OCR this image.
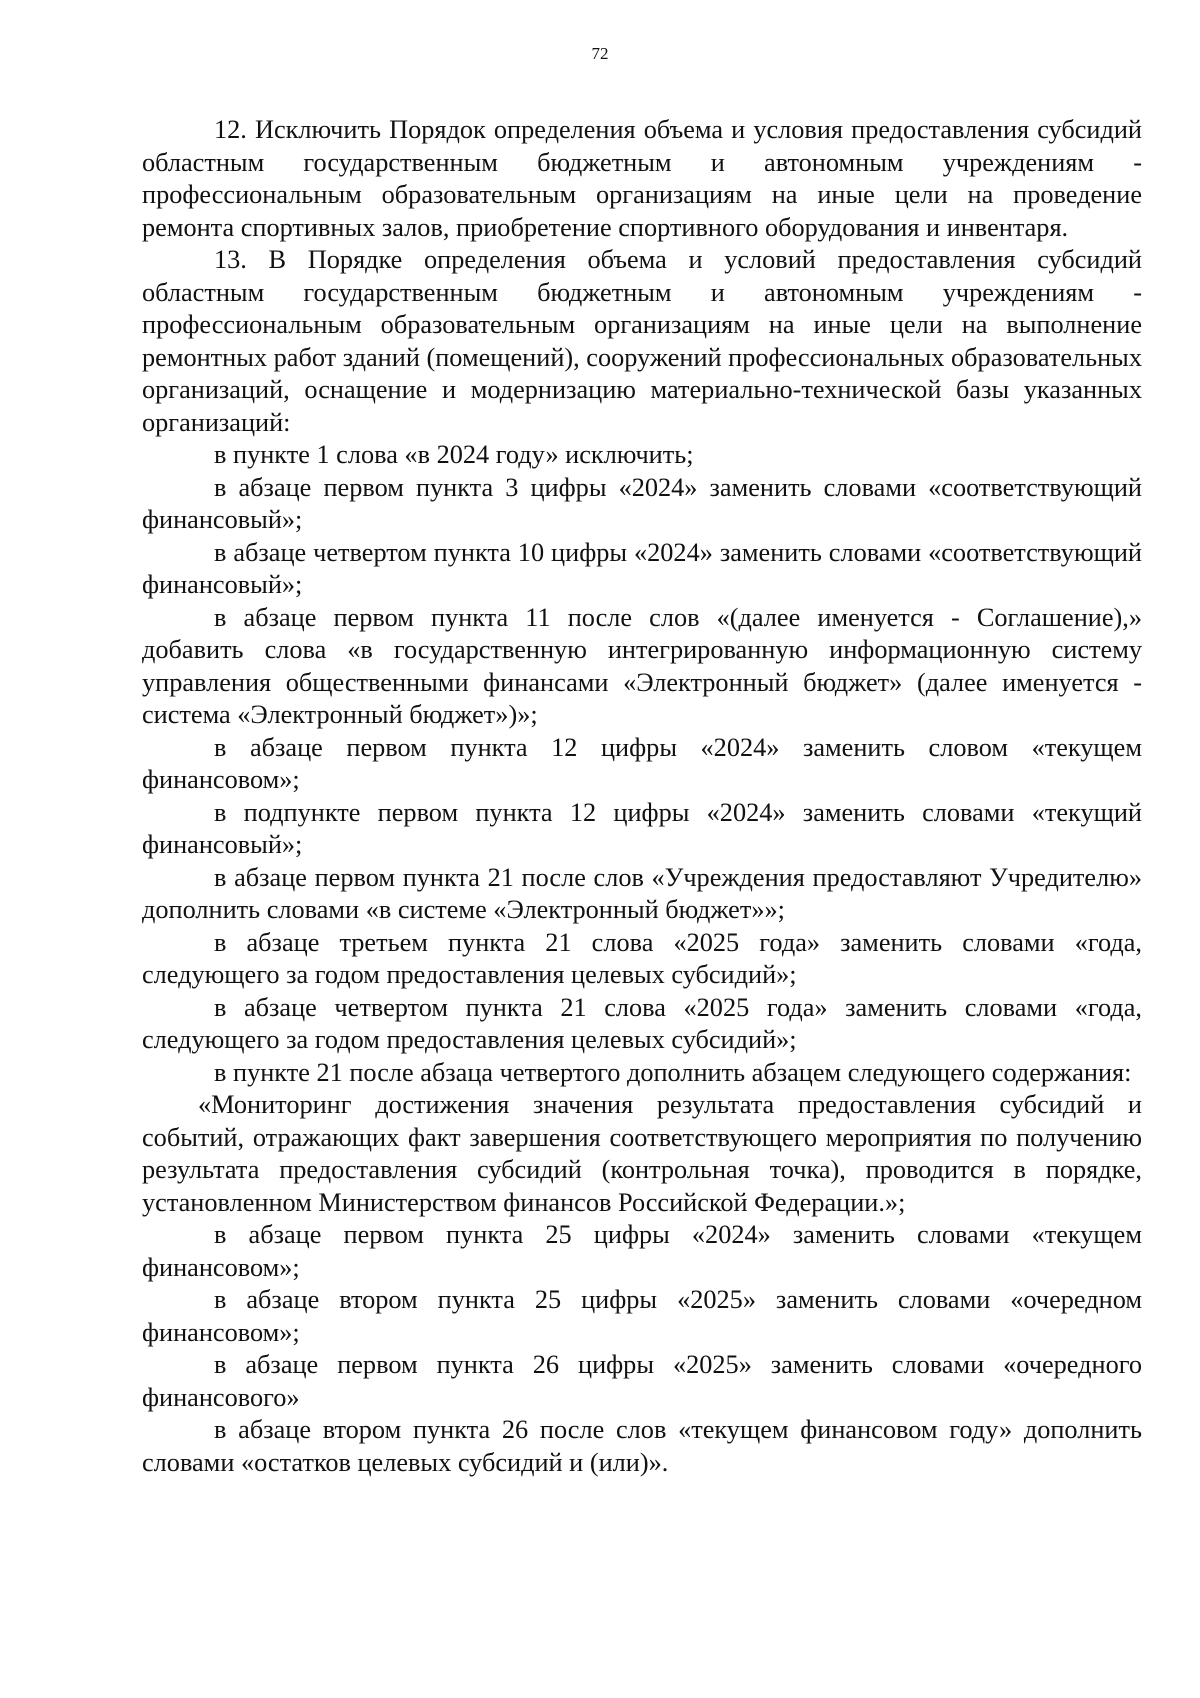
72

12. Исключить Порядок определения объема и условия предоставления субсидий областным государственным бюджетным и автономным учреждениям - профессиональным образовательным организациям на иные цели на проведение ремонта спортивных залов, приобретение спортивного оборудования и инвентаря.

13. В Порядке определения объема и условий предоставления субсидий областным государственным бюджетным и автономным учреждениям - профессиональным образовательным организациям на иные цели на выполнение ремонтных работ зданий (помещений), сооружений профессиональных образовательных организаций, оснащение и модернизацию материально-технической базы указанных организаций:

в пункте 1 слова «в 2024 году» исключить;

в абзаце первом пункта 3 цифры «2024» заменить словами «соответствующий финансовый»;

в абзаце четвертом пункта 10 цифры «2024» заменить словами «соответствующий финансовый»;

в абзаце первом пункта 11 после слов «(далее именуется - Соглашение),» добавить слова «в государственную интегрированную информационную систему управления общественными финансами «Электронный бюджет» (далее именуется - система «Электронный бюджет»)»;

в абзаце первом пункта 12 цифры «2024» заменить словом «текущем финансовом»;

в подпункте первом пункта 12 цифры «2024» заменить словами «текущий финансовый»;

в абзаце первом пункта 21 после слов «Учреждения предоставляют Учредителю» дополнить словами «в системе «Электронный бюджет»»;

в абзаце третьем пункта 21 слова «2025 года» заменить словами «года, следующего за годом предоставления целевых субсидий»;

в абзаце четвертом пункта 21 слова «2025 года» заменить словами «года, следующего за годом предоставления целевых субсидий»;

в пункте 21 после абзаца четвертого дополнить абзацем следующего содержания:

«Мониторинг достижения значения результата предоставления субсидий и событий, отражающих факт завершения соответствующего мероприятия по получению результата предоставления субсидий (контрольная точка), проводится в порядке, установленном Министерством финансов Российской Федерации.»;

в абзаце первом пункта 25 цифры «2024» заменить словами «текущем финансовом»;

в абзаце втором пункта 25 цифры «2025» заменить словами «очередном финансовом»;

в абзаце первом пункта 26 цифры «2025» заменить словами «очередного финансового»

в абзаце втором пункта 26 после слов «текущем финансовом году» дополнить словами «остатков целевых субсидий и (или)».
